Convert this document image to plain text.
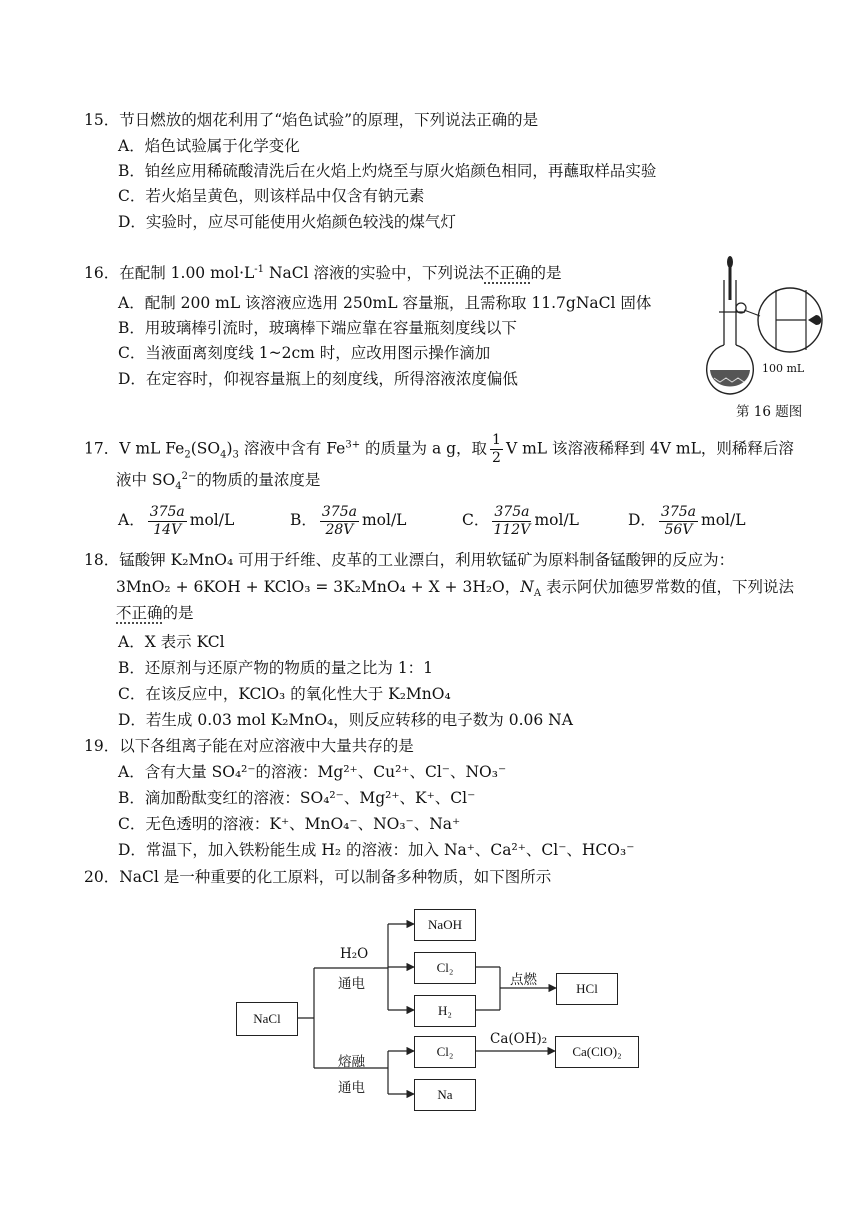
15．节日燃放的烟花利用了“焰色试验”的原理，下列说法正确的是
A．焰色试验属于化学变化
B．铂丝应用稀硫酸清洗后在火焰上灼烧至与原火焰颜色相同，再蘸取样品实验
C．若火焰呈黄色，则该样品中仅含有钠元素
D．实验时，应尽可能使用火焰颜色较浅的煤气灯
16．在配制 1.00 $mol\cdot L^{-1}$ NaCl 溶液的实验中，下列说法不正确的是
A．配制 200 mL 该溶液应选用 250mL 容量瓶，且需称取 11.7gNaCl 固体
B．用玻璃棒引流时，玻璃棒下端应靠在容量瓶刻度线以下
C．当液面离刻度线 1~2cm 时，应改用图示操作滴加
D．在定容时，仰视容量瓶上的刻度线，所得溶液浓度偏低
100 mL
第 16 题图
17．V mL $Fe_2(SO_4)_3$ 溶液中含有 $Fe^{3+}$ 的质量为 a g，取 $\frac{1}{2}$ V mL 该溶液稀释到 4V mL，则稀释后溶
液中 $SO_4^{2-}$的物质的量浓度是
A． $\frac{375a}{14V} mol/L$	B． $\frac{375a}{28V} mol/L$	C． $\frac{375a}{112V} mol/L$	D． $\frac{375a}{56V} mol/L$
18．锰酸钾 K₂MnO₄ 可用于纤维、皮革的工业漂白，利用软锰矿为原料制备锰酸钾的反应为：
3MnO₂ + 6KOH + KClO₃ = 3K₂MnO₄ + X + 3H₂O，$N_A$ 表示阿伏加德罗常数的值，下列说法
不正确的是
A．X 表示 KCl
B．还原剂与还原产物的物质的量之比为 1：1
C．在该反应中，KClO₃ 的氧化性大于 K₂MnO₄
D．若生成 0.03 mol K₂MnO₄，则反应转移的电子数为 0.06 NA
19．以下各组离子能在对应溶液中大量共存的是
A．含有大量 SO₄²⁻的溶液：Mg²⁺、Cu²⁺、Cl⁻、NO₃⁻
B．滴加酚酞变红的溶液：SO₄²⁻、Mg²⁺、K⁺、Cl⁻
C．无色透明的溶液：K⁺、MnO₄⁻、NO₃⁻、Na⁺
D．常温下，加入铁粉能生成 H₂ 的溶液：加入 Na⁺、Ca²⁺、Cl⁻、HCO₃⁻
20．NaCl 是一种重要的化工原料，可以制备多种物质，如下图所示
NaCl
NaOH
Cl₂
H₂
HCl
Cl₂	Ca(ClO)₂
Na
H₂O
通电	点燃
Ca(OH)₂
熔融
通电
